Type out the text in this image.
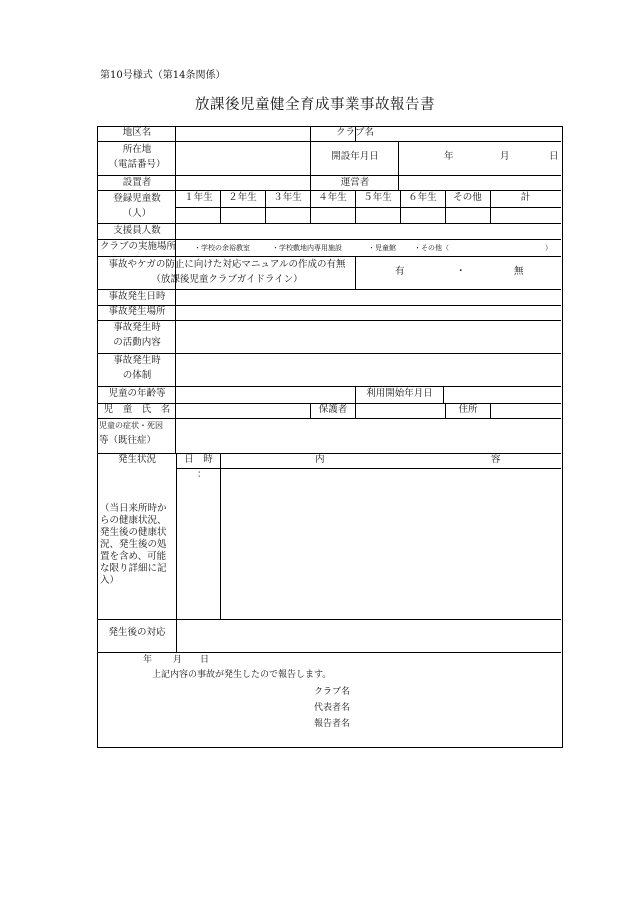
第10号様式（第14条関係）
放課後児童健全育成事業事故報告書
地区名	クラブ名
所在地
（電話番号）
開設年月日	年	月	日
設置者	運営者
登録児童数
（人）
１年生	２年生	３年生	４年生	５年生	６年生	その他	計
支援員人数
クラブの実施場所	・学校の余裕教室	・学校敷地内専用施設	・児童館	・その他（	）
事故やケガの防止に向けた対応マニュアルの作成の有無
（放課後児童クラブガイドライン）
有	・	無
事故発生日時
事故発生場所
事故発生時
の活動内容
事故発生時
の体制
児童の年齢等	利用開始年月日
児　童　氏　名	保護者	住所
児童の症状・死因
等（既往症）
発生状況	日　時	内	容
：
（当日来所時からの健康状況、発生後の健康状況、発生後の処置を含め、可能な限り詳細に記入）
発生後の対応
年 月 日
上記内容の事故が発生したので報告します。
クラブ名
代表者名
報告者名
